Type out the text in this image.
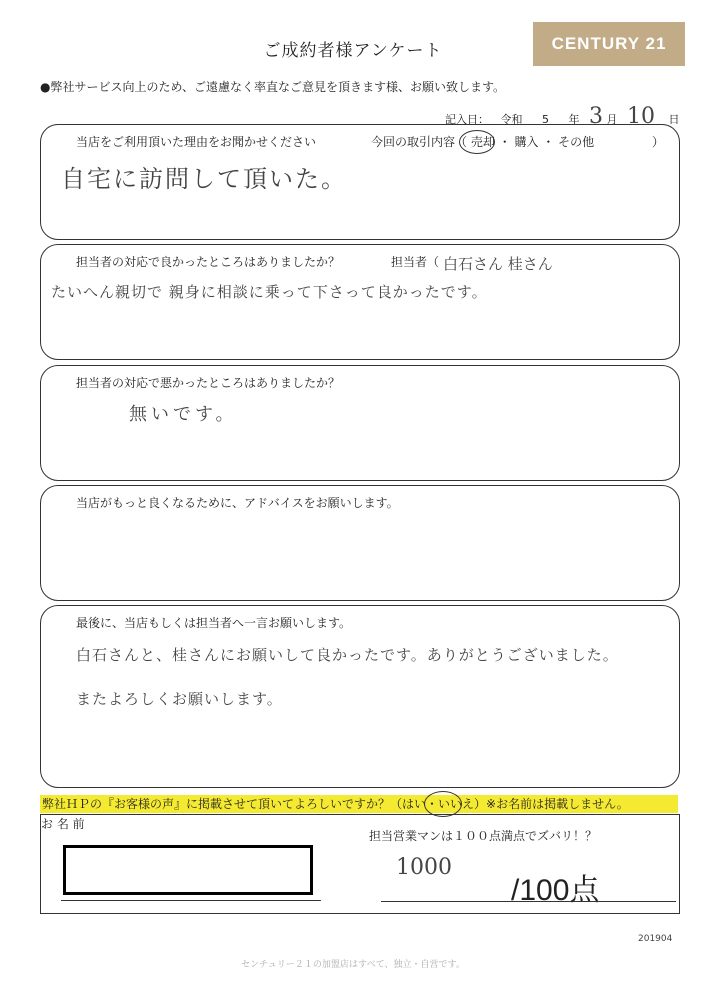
ご成約者様アンケート	CENTURY 21
●弊社サービス向上のため、ご遠慮なく率直なご意見を頂きます様、お願い致します。
記入日： 令和 5 年 3 月 10 日
当店をご利用頂いた理由をお聞かせください	今回の取引内容（ 売却 ・ 購入 ・ その他	）
自宅に訪問して頂いた。
担当者の対応で良かったところはありましたか？	担当者（ 白石さん 桂さん
たいへん親切で 親身に相談に乗って下さって良かったです。
担当者の対応で悪かったところはありましたか？
無いです。
当店がもっと良くなるために、アドバイスをお願いします。
最後に、当店もしくは担当者へ一言お願いします。
白石さんと、桂さんにお願いして良かったです。ありがとうございました。
またよろしくお願いします。
弊社ＨＰの『お客様の声』に掲載させて頂いてよろしいですか？（はい・いいえ）※お名前は掲載しません。
お 名 前
担当営業マンは１００点満点でズバリ！？
1000
/100点
201904
センチュリー２１の加盟店はすべて、独立・自営です。
